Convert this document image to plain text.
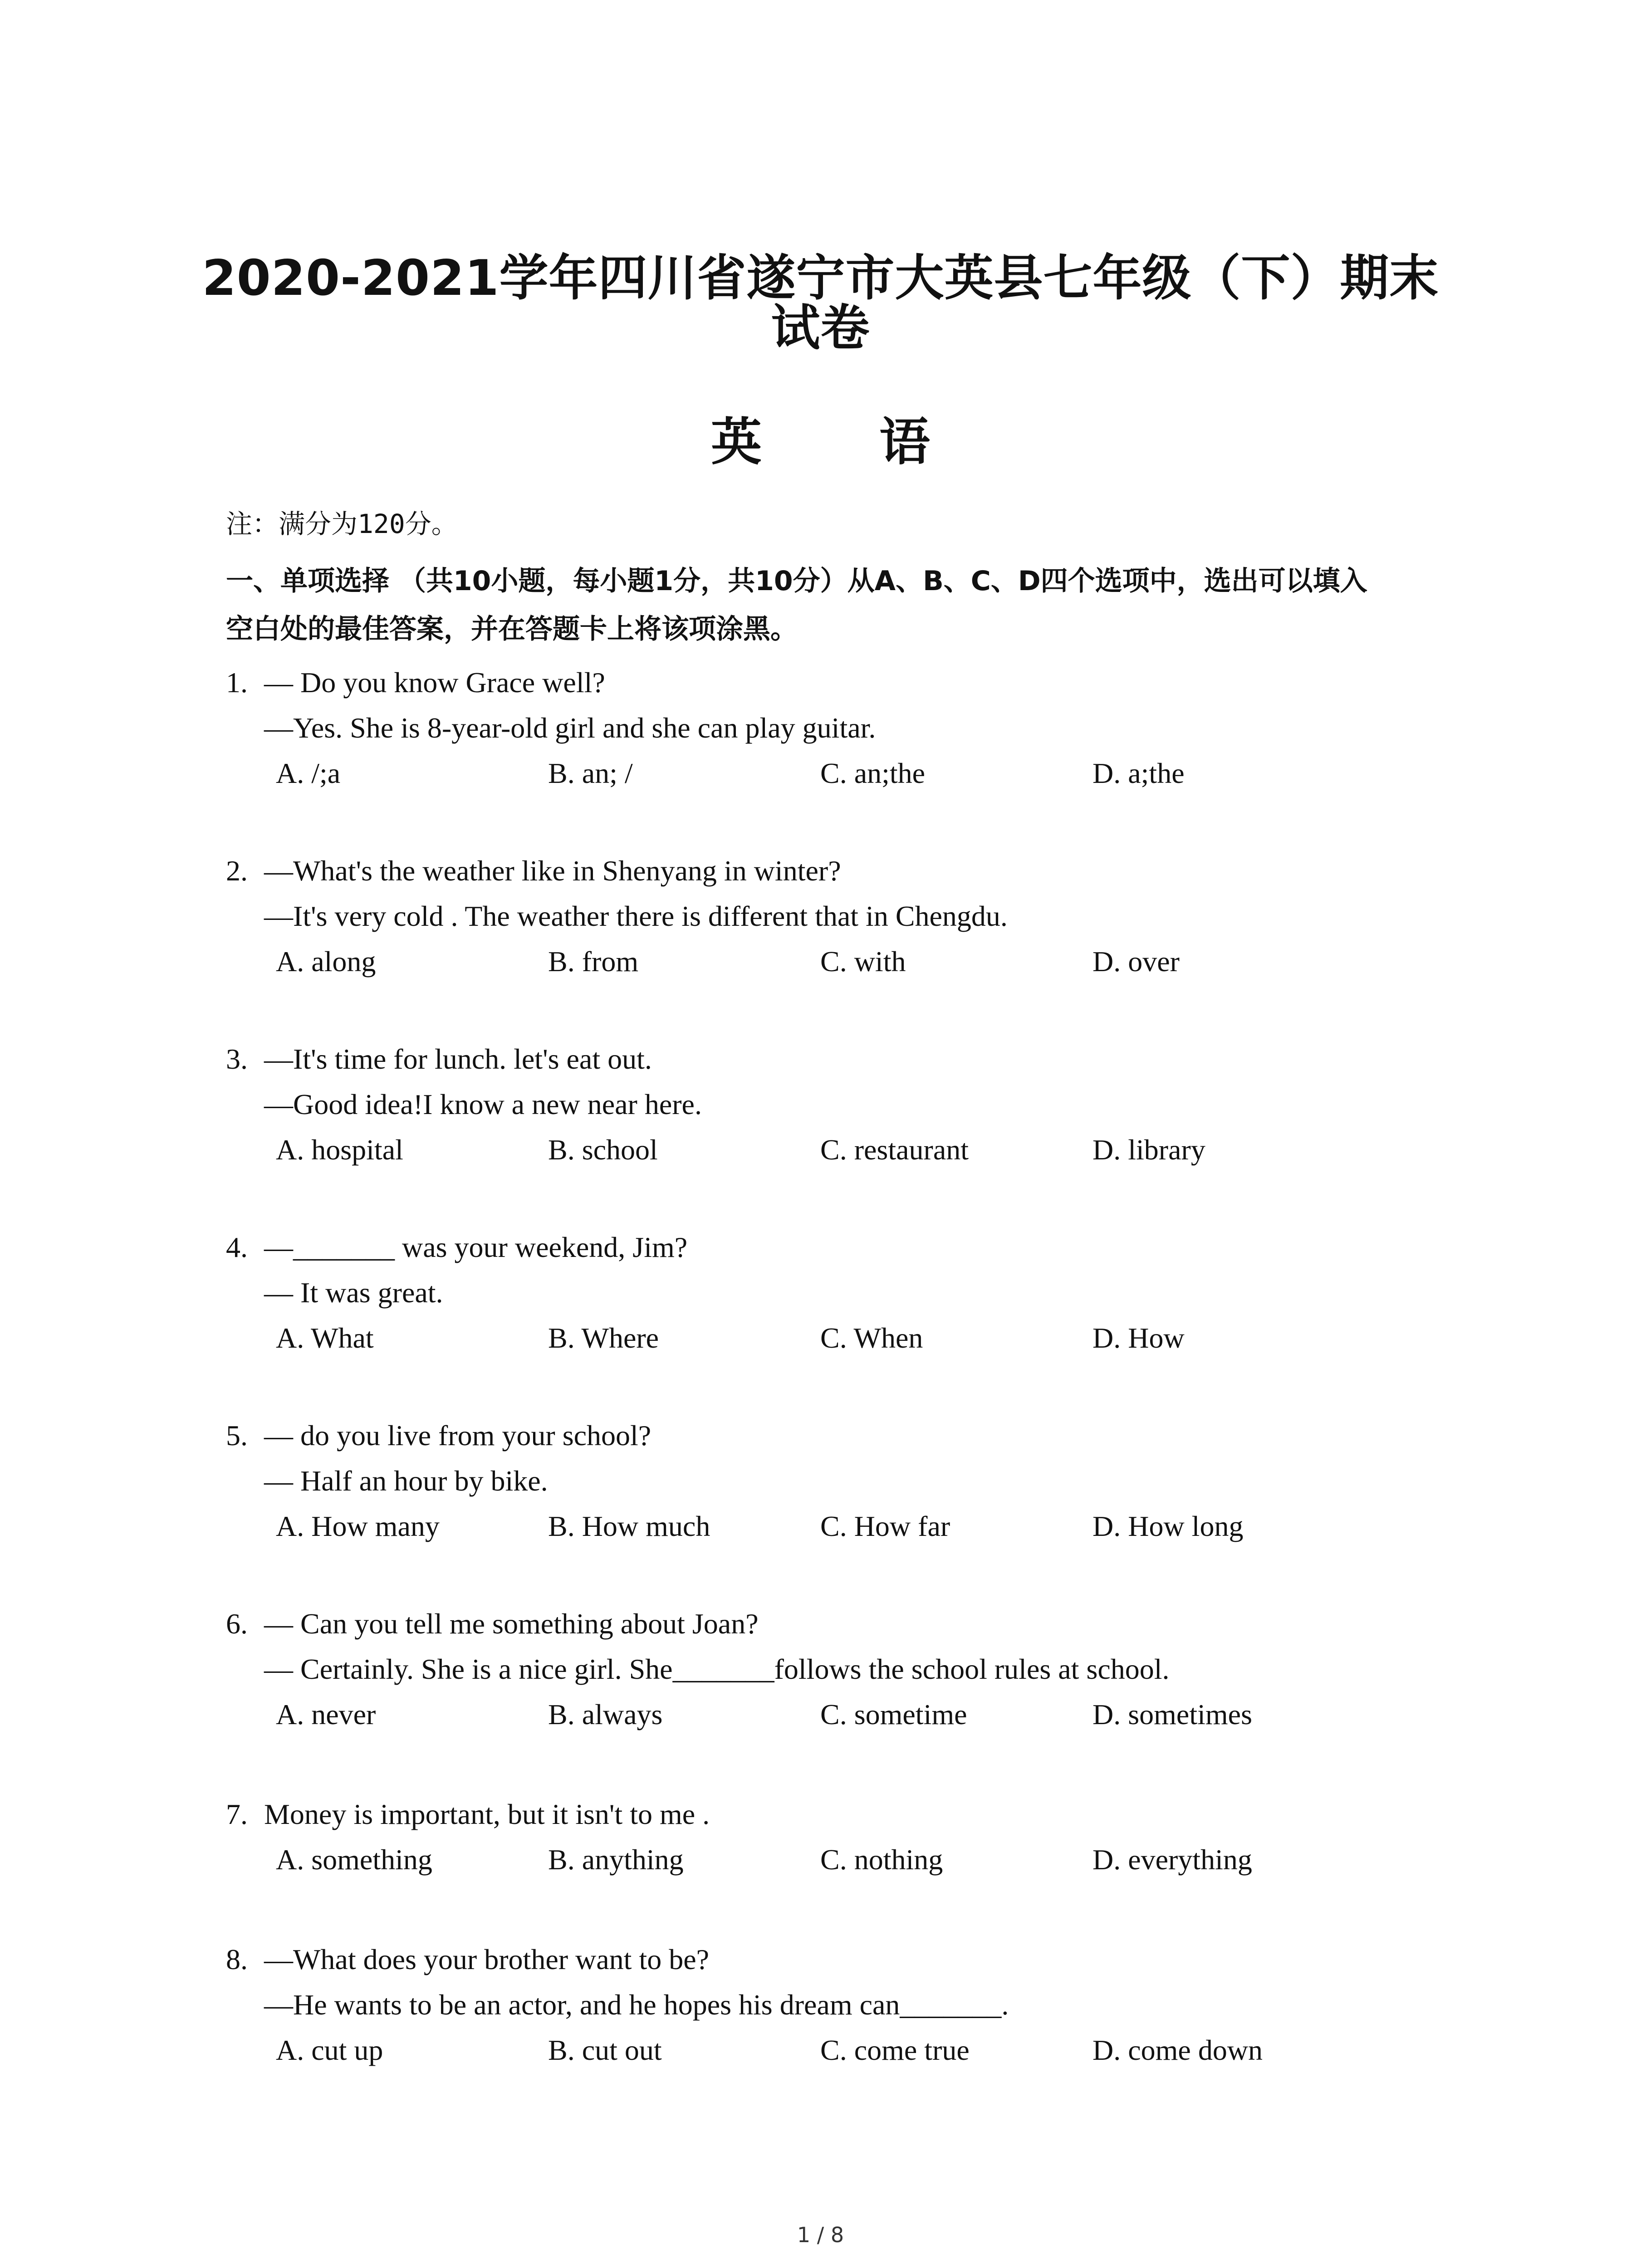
2020-2021学年四川省遂宁市大英县七年级（下）期末
试卷
英 语
注：满分为120分。
一、单项选择 （共10小题，每小题1分，共10分）从A、B、C、D四个选项中，选出可以填入
空白处的最佳答案，并在答题卡上将该项涂黑。
1. — Do you know Grace well?
—Yes. She is 8-year-old girl and she can play guitar.
A. /;a	B. an; /	C. an;the	D. a;the
2. —What's the weather like in Shenyang in winter?
—It's very cold . The weather there is different that in Chengdu.
A. along	B. from	C. with	D. over
3. —It's time for lunch. let's eat out.
—Good idea!I know a new near here.
A. hospital	B. school	C. restaurant	D. library
4. —_______ was your weekend, Jim?
— It was great.
A. What	B. Where	C. When	D. How
5. — do you live from your school?
— Half an hour by bike.
A. How many	B. How much	C. How far	D. How long
6. — Can you tell me something about Joan?
— Certainly. She is a nice girl. She_______follows the school rules at school.
A. never	B. always	C. sometime	D. sometimes
7. Money is important, but it isn't to me .
A. something	B. anything	C. nothing	D. everything
8. —What does your brother want to be?
—He wants to be an actor, and he hopes his dream can_______.
A. cut up	B. cut out	C. come true	D. come down
1 / 8
